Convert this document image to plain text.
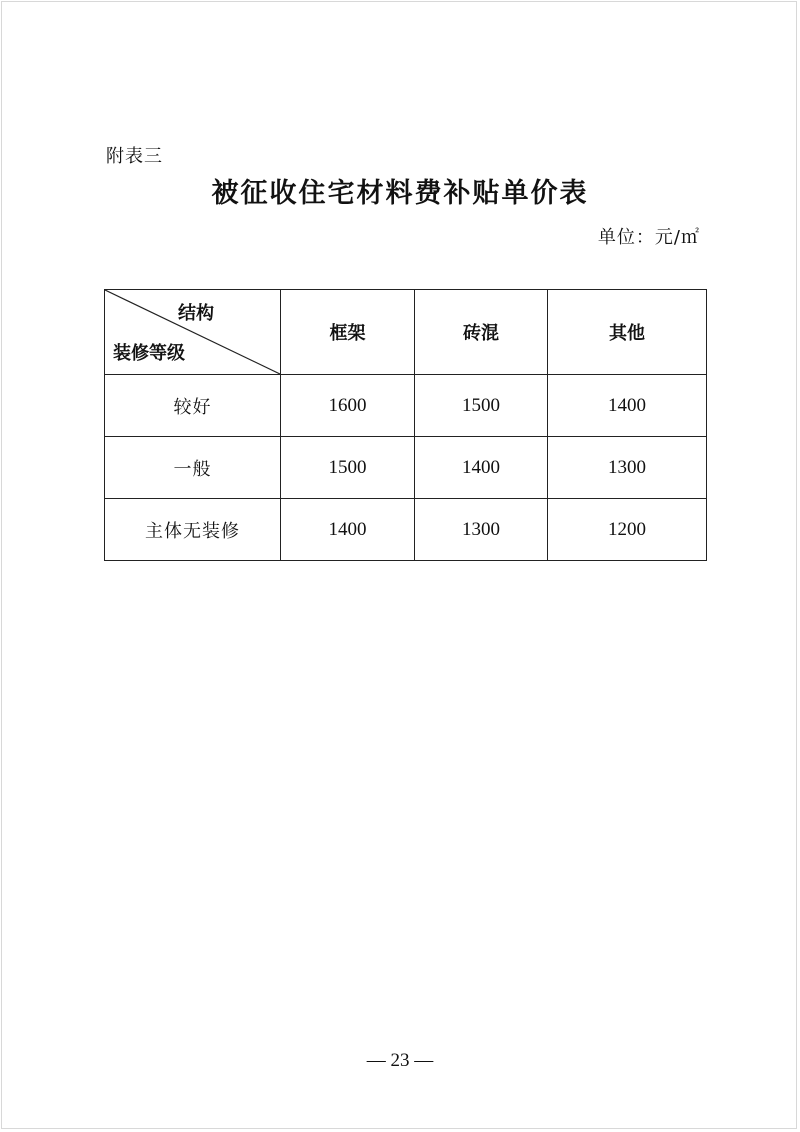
附表三
被征收住宅材料费补贴单价表
单位：元/㎡
结构
装修等级	框架	砖混	其他
较好	1600	1500	1400
一般	1500	1400	1300
主体无装修	1400	1300	1200
— 23 —
